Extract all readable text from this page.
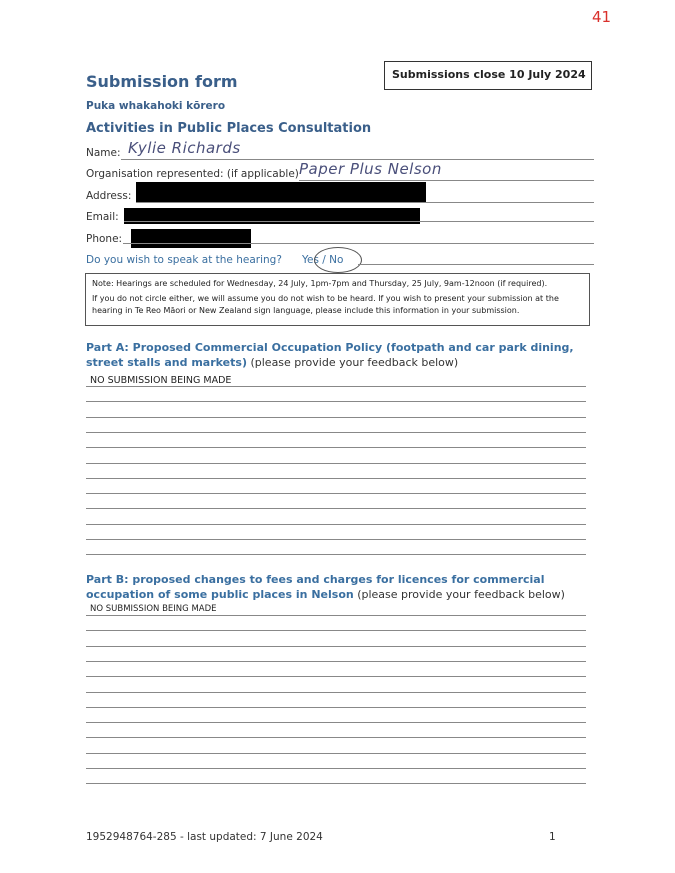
41
Submissions close 10 July 2024
Submission form
Puka whakahoki kōrero
Activities in Public Places Consultation
Name: Kylie Richards
Organisation represented: (if applicable) Paper Plus Nelson
Address:
Email:
Phone:
Do you wish to speak at the hearing? Yes / No

Note: Hearings are scheduled for Wednesday, 24 July, 1pm-7pm and Thursday, 25 July, 9am-12noon (if required).

If you do not circle either, we will assume you do not wish to be heard. If you wish to present your submission at the hearing in Te Reo Māori or New Zealand sign language, please include this information in your submission.

Part A: Proposed Commercial Occupation Policy (footpath and car park dining, street stalls and markets) (please provide your feedback below)
NO SUBMISSION BEING MADE
Part B: proposed changes to fees and charges for licences for commercial occupation of some public places in Nelson (please provide your feedback below)
NO SUBMISSION BEING MADE
1952948764-285 - last updated: 7 June 2024	1
